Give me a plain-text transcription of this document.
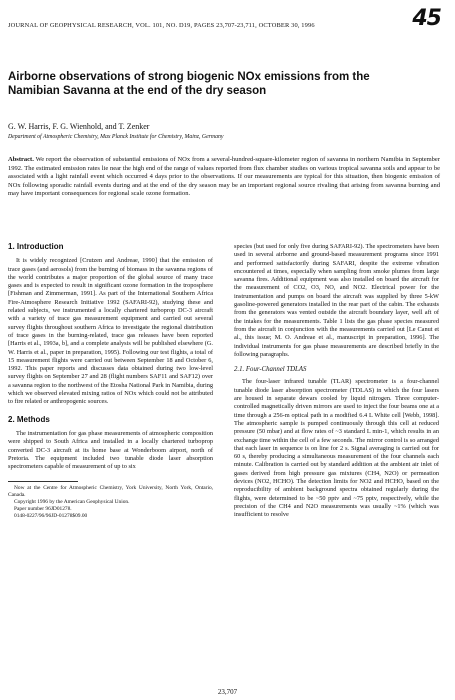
45
JOURNAL OF GEOPHYSICAL RESEARCH, VOL. 101, NO. D19, PAGES 23,707-23,711, OCTOBER 30, 1996
Airborne observations of strong biogenic NOx emissions from the Namibian Savanna at the end of the dry season
G. W. Harris, F. G. Wienhold, and T. Zenker
Department of Atmospheric Chemistry, Max Planck Institute for Chemistry, Mainz, Germany
Abstract. We report the observation of substantial emissions of NOx from a several-hundred-square-kilometer region of savanna in northern Namibia in September 1992. The estimated emission rates lie near the high end of the range of values reported from flux chamber studies on various tropical savanna soils and appear to be associated with a light rainfall event which occurred 4 days prior to the observations. If our measurements are typical for this situation, then biogenic emission of NOx following sporadic rainfall events during and at the end of the dry season may be an important regional source rivaling that arising from savanna burning and may have important consequences for regional scale ozone formation.
1. Introduction

It is widely recognized [Crutzen and Andreae, 1990] that the emission of trace gases (and aerosols) from the burning of biomass in the savanna regions of the world contributes a major proportion of the global source of many trace gases and is expected to result in significant ozone formation in the troposphere [Fishman and Zimmerman, 1991]. As part of the International Southern Africa Fire-Atmosphere Research Initiative 1992 (SAFARI-92), studying these and related subjects, we instrumented a locally chartered turboprop DC-3 aircraft with a variety of trace gas measurement equipment and carried out several survey flights throughout southern Africa to investigate the regional distribution of trace gases in the burning-related, trace gas releases have been reported [Harris et al., 1993a, b], and a complete analysis will be published elsewhere (G. W. Harris et al., paper in preparation, 1995). Following our test flights, a total of 15 measurement flights were carried out between September 18 and October 6, 1992. This paper reports and discusses data obtained during two low-level survey flights on September 27 and 28 (flight numbers SAF11 and SAF12) over a savanna region to the northwest of the Etosha National Park in Namibia, during which we observed elevated mixing ratios of NOx which could not be attributed to fire related or anthropogenic sources.

2. Methods

The instrumentation for gas phase measurements of atmospheric composition were shipped to South Africa and installed in a locally chartered turboprop converted DC-3 aircraft at its home base at Wonderboom airport, north of Pretoria. The equipment included two tunable diode laser absorption spectrometers capable of measurement of up to six

Now at the Centre for Atmospheric Chemistry, York University, North York, Ontario, Canada.
Copyright 1996 by the American Geophysical Union.
Paper number 96JD01278.
0148-0227/96/96JD-01278$09.00

species (but used for only five during SAFARI-92). The spectrometers have been used in several airborne and ground-based measurement programs since 1991 and performed satisfactorily during SAFARI, despite the extreme vibration encountered at times, especially when sampling from smoke plumes from large savanna fires. Additional equipment was also installed on board the aircraft for the measurement of CO2, O3, NO, and NO2. Electrical power for the instrumentation and pumps on board the aircraft was supplied by three 5-kW gasoline-powered generators installed in the rear part of the cabin. The exhausts from the generators was vented outside the aircraft boundary layer, well aft of the intakes for the measurements. Table 1 lists the gas phase species measured from the aircraft in conjunction with the measurements carried out [Le Canut et al., this issue; M. O. Andreae et al., manuscript in preparation, 1996]. The individual instruments for gas phase measurements are described briefly in the following paragraphs.

2.1. Four-Channel TDLAS

The four-laser infrared tunable (TLAR) spectrometer is a four-channel tunable diode laser absorption spectrometer (TDLAS) in which the four lasers are housed in separate dewars cooled by liquid nitrogen. Three computer-controlled magnetically driven mirrors are used to inject the four beams one at a time through a 256-m optical path in a modified 6.4 L White cell [Webb, 1998]. The atmospheric sample is pumped continuously through this cell at reduced pressure (50 mbar) and at flow rates of ~3 standard L min-1, which results in an exchange time within the cell of a few seconds. The mirror control is so arranged that each laser in sequence is on line for 2 s. Signal averaging is carried out for 60 s, thereby producing a simultaneous measurement of the four channels each minute. Calibration is carried out by standard addition at the ambient air inlet of gases derived from high pressure gas mixtures (CH4, N2O) or permeation devices (NO2, HCHO). The detection limits for NO2 and HCHO, based on the reproducibility of ambient background spectra obtained regularly during the flights, were determined to be ~50 pptv and ~75 pptv, respectively, while the precision of the CH4 and N2O measurements was usually ~1% (which was insufficient to resolve

23,707
